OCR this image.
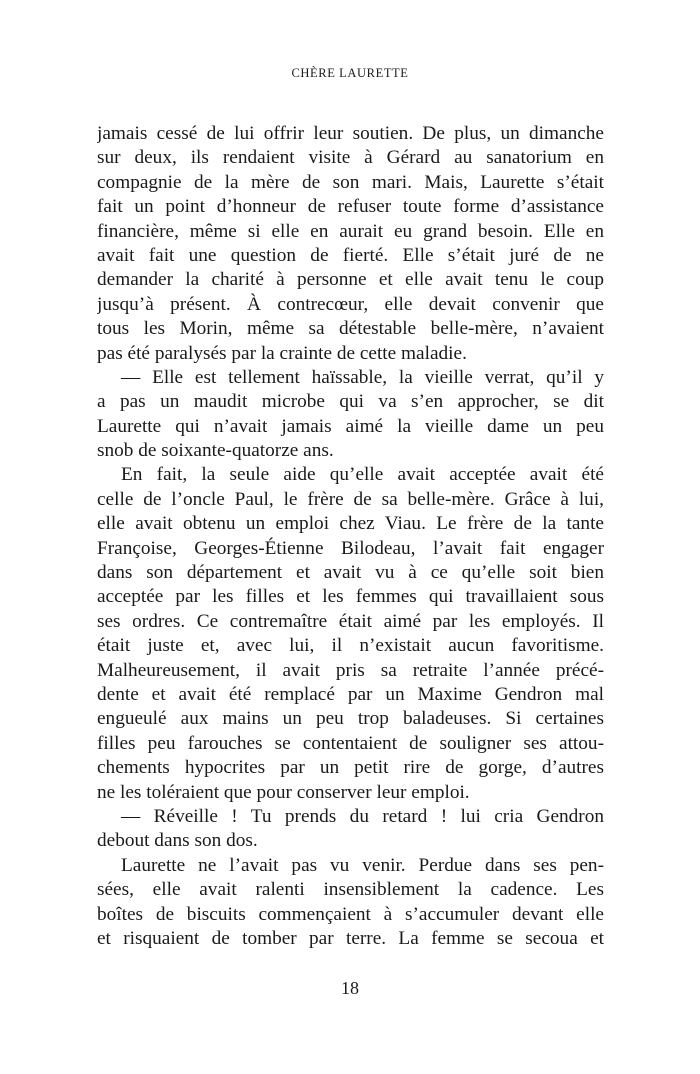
CHÈRE LAURETTE
jamais cessé de lui offrir leur soutien. De plus, un dimanche
sur deux, ils rendaient visite à Gérard au sanatorium en
compagnie de la mère de son mari. Mais, Laurette s’était
fait un point d’honneur de refuser toute forme d’assistance
financière, même si elle en aurait eu grand besoin. Elle en
avait fait une question de fierté. Elle s’était juré de ne
demander la charité à personne et elle avait tenu le coup
jusqu’à présent. À contrecœur, elle devait convenir que
tous les Morin, même sa détestable belle-mère, n’avaient
pas été paralysés par la crainte de cette maladie.
— Elle est tellement haïssable, la vieille verrat, qu’il y
a pas un maudit microbe qui va s’en approcher, se dit
Laurette qui n’avait jamais aimé la vieille dame un peu
snob de soixante-quatorze ans.
En fait, la seule aide qu’elle avait acceptée avait été
celle de l’oncle Paul, le frère de sa belle-mère. Grâce à lui,
elle avait obtenu un emploi chez Viau. Le frère de la tante
Françoise, Georges-Étienne Bilodeau, l’avait fait engager
dans son département et avait vu à ce qu’elle soit bien
acceptée par les filles et les femmes qui travaillaient sous
ses ordres. Ce contremaître était aimé par les employés. Il
était juste et, avec lui, il n’existait aucun favoritisme.
Malheureusement, il avait pris sa retraite l’année précé-
dente et avait été remplacé par un Maxime Gendron mal
engueulé aux mains un peu trop baladeuses. Si certaines
filles peu farouches se contentaient de souligner ses attou-
chements hypocrites par un petit rire de gorge, d’autres
ne les toléraient que pour conserver leur emploi.
— Réveille ! Tu prends du retard ! lui cria Gendron
debout dans son dos.
Laurette ne l’avait pas vu venir. Perdue dans ses pen-
sées, elle avait ralenti insensiblement la cadence. Les
boîtes de biscuits commençaient à s’accumuler devant elle
et risquaient de tomber par terre. La femme se secoua et
18
